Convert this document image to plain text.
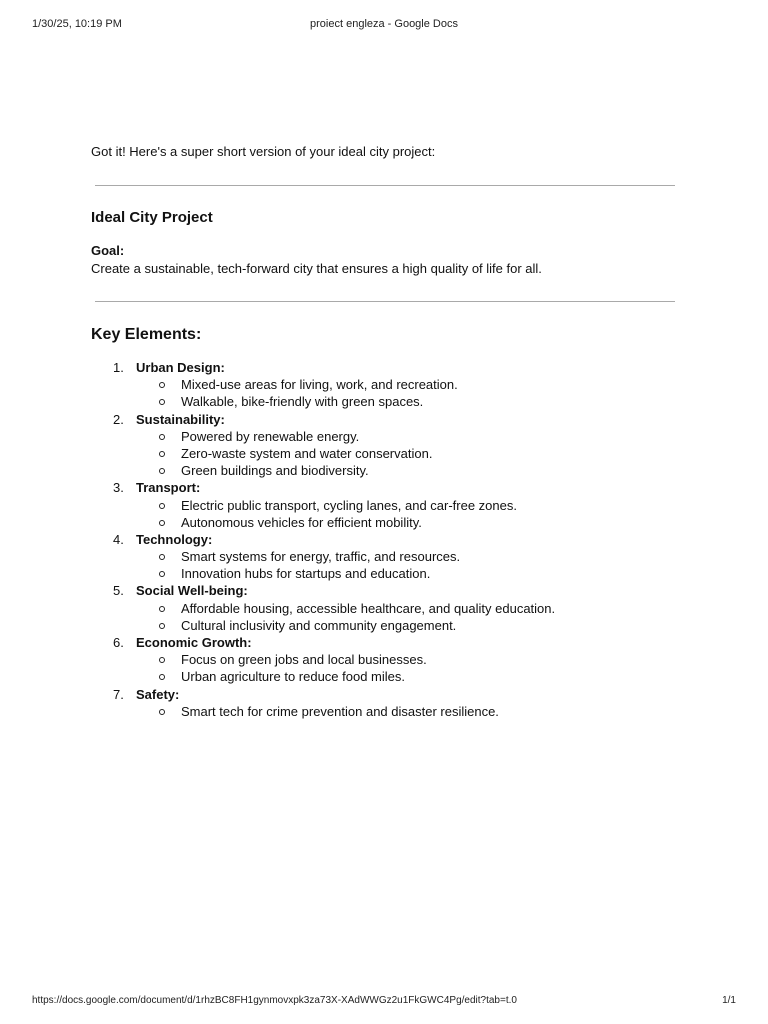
1/30/25, 10:19 PM	proiect engleza - Google Docs

Got it! Here's a super short version of your ideal city project:

Ideal City Project

Goal:

Create a sustainable, tech-forward city that ensures a high quality of life for all.

Key Elements:
1. Urban Design:
Mixed-use areas for living, work, and recreation.
Walkable, bike-friendly with green spaces.
2. Sustainability:
Powered by renewable energy.
Zero-waste system and water conservation.
Green buildings and biodiversity.
3. Transport:
Electric public transport, cycling lanes, and car-free zones.
Autonomous vehicles for efficient mobility.
4. Technology:
Smart systems for energy, traffic, and resources.
Innovation hubs for startups and education.
5. Social Well-being:
Affordable housing, accessible healthcare, and quality education.
Cultural inclusivity and community engagement.
6. Economic Growth:
Focus on green jobs and local businesses.
Urban agriculture to reduce food miles.
7. Safety:
Smart tech for crime prevention and disaster resilience.
https://docs.google.com/document/d/1rhzBC8FH1gynmovxpk3za73X-XAdWWGz2u1FkGWC4Pg/edit?tab=t.0	1/1
